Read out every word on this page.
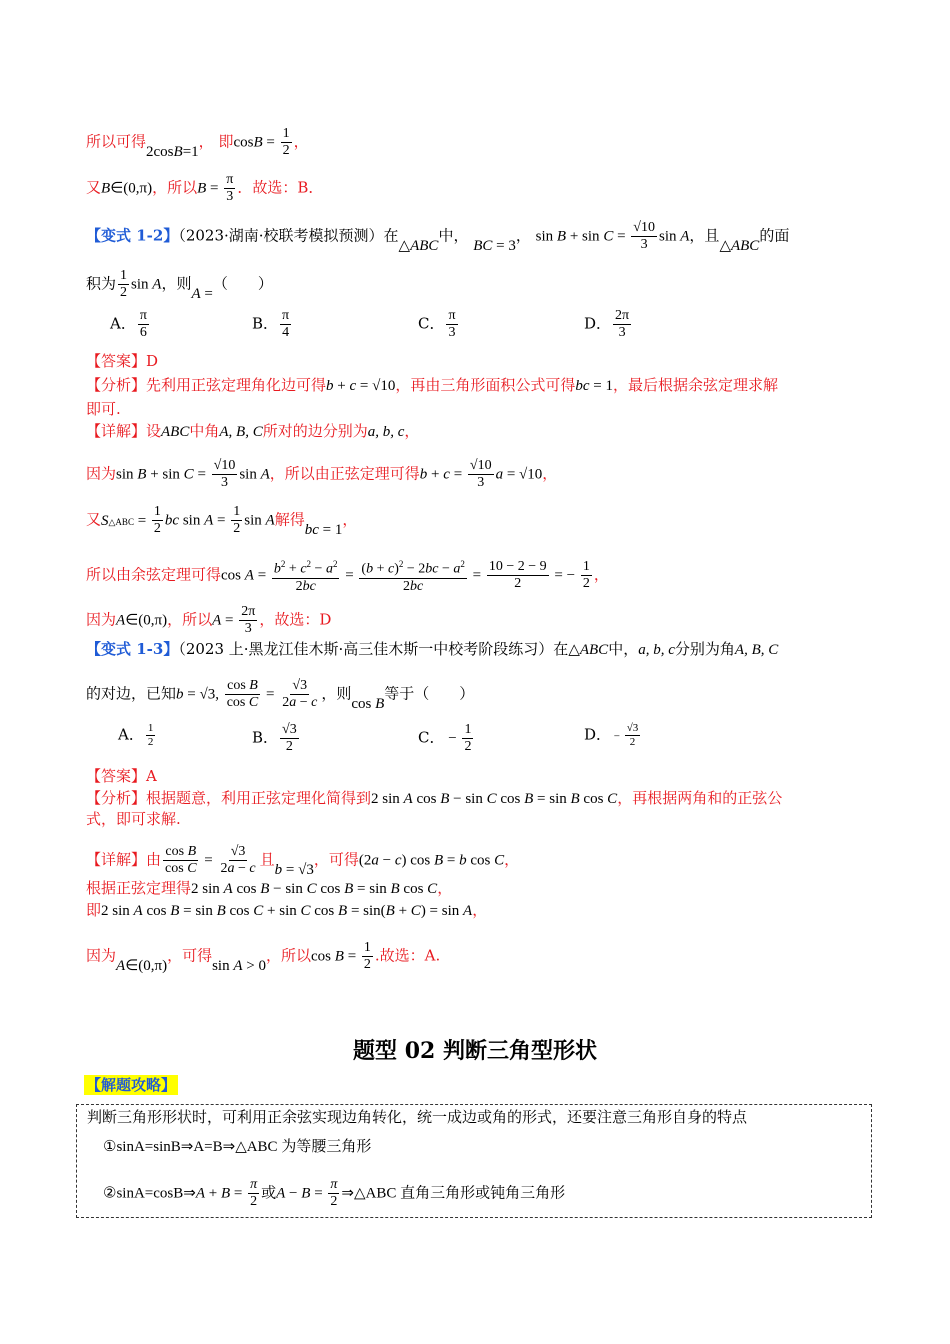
所以可得2cosB=1， 即$\cos B = \frac{1}{2}$ ，
又B∈(0,π)，所以$B = \frac{\pi}{3}$ ．故选：B．
【变式 1-2】（2023·湖南·校联考模拟预测）在△ABC中， BC = 3， $\sin B + \sin C = \frac{√10}{3}$ sin A，且△ABC的面
积为 $\frac{1}{2}$ sin A，则A =（　　）
A． $\frac{\pi}{6}$	B． $\frac{\pi}{4}$	C． $\frac{\pi}{3}$	D． $\frac{2\pi}{3}$
【答案】D
【分析】先利用正弦定理角化边可得b + c = √10，再由三角形面积公式可得bc = 1，最后根据余弦定理求解
即可.
【详解】设ABC中角A, B, C所对的边分别为a, b, c，
因为$\sin B + \sin C = \frac{√10}{3}$ sin A，所以由正弦定理可得$b + c = \frac{√10}{3}$ a = √10，
又S△ABC = $\frac{1}{2}$ bc $\sin A = \frac{1}{2}$ sin A解得bc = 1，
所以由余弦定理可得$\cos A = \frac{b^2 + c^2 - a^2}{2bc} = \frac{(b + c)^2 - 2bc - a^2}{2bc} = \frac{10 - 2 - 9}{2}$ = − $\frac{1}{2}$ ，
因为A∈(0,π)，所以$A = \frac{2\pi}{3}$ ，故选：D
【变式 1-3】（2023 上·黑龙江佳木斯·高三佳木斯一中校考阶段练习）在△ABC中，a, b, c分别为角A, B, C
的对边，已知b = √3, $\frac{\text{cos B}}{\text{cos C}} = \frac{√3}{2a - c}$ ，则cos B等于（　　）
A． $\frac{1}{2}$	B． $\frac{√3}{2}$	C． − $\frac{1}{2}$	D． − $\frac{√3}{2}$
【答案】A
【分析】根据题意，利用正弦定理化简得到2 sin A cos B − sin C cos B = sin B cos C，再根据两角和的正弦公
式，即可求解.
【详解】由 $\frac{\text{cos B}}{\text{cos C}} = \frac{√3}{2a - c}$ 且b = √3，可得(2a − c) cos B = b cos C，
根据正弦定理得2 sin A cos B − sin C cos B = sin B cos C，
即2 sin A cos B = sin B cos C + sin C cos B = sin(B + C) = sin A，
因为A∈(0,π)，可得sin A > 0，所以$\cos B = \frac{1}{2}$ .故选：A.
题型 02 判断三角型形状
【解题攻略】
判断三角形形状时，可利用正余弦实现边角转化，统一成边或角的形式，还要注意三角形自身的特点
①sinA=sinB⇒A=B⇒△ABC 为等腰三角形
②sinA=cosB⇒A + $B = \frac{\pi}{2}$ 或$A - B = \frac{\pi}{2}$ ⇒△ABC 直角三角形或钝角三角形
